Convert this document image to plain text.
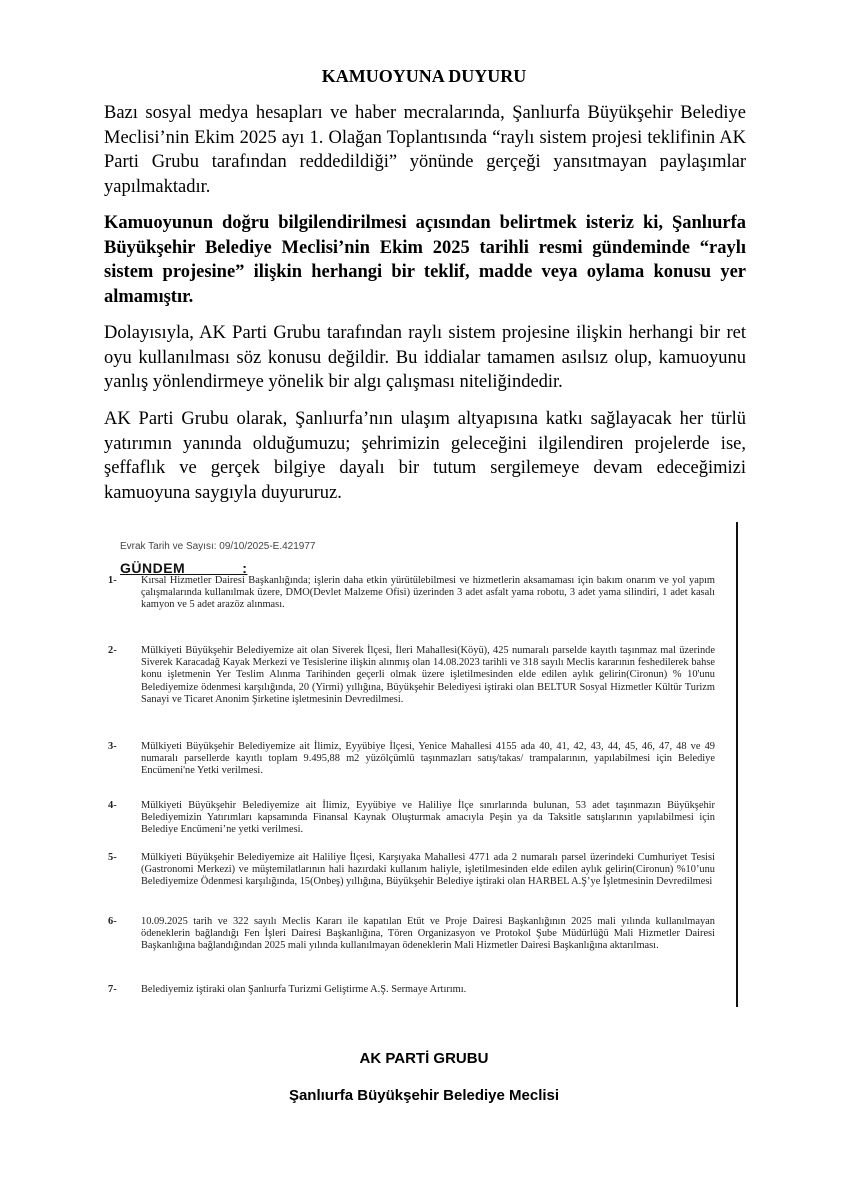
KAMUOYUNA DUYURU

Bazı sosyal medya hesapları ve haber mecralarında, Şanlıurfa Büyükşehir Belediye Meclisi’nin Ekim 2025 ayı 1. Olağan Toplantısında “raylı sistem projesi teklifinin AK Parti Grubu tarafından reddedildiği” yönünde gerçeği yansıtmayan paylaşımlar yapılmaktadır.

Kamuoyunun doğru bilgilendirilmesi açısından belirtmek isteriz ki, Şanlıurfa Büyükşehir Belediye Meclisi’nin Ekim 2025 tarihli resmi gündeminde “raylı sistem projesine” ilişkin herhangi bir teklif, madde veya oylama konusu yer almamıştır.

Dolayısıyla, AK Parti Grubu tarafından raylı sistem projesine ilişkin herhangi bir ret oyu kullanılması söz konusu değildir. Bu iddialar tamamen asılsız olup, kamuoyunu yanlış yönlendirmeye yönelik bir algı çalışması niteliğindedir.

AK Parti Grubu olarak, Şanlıurfa’nın ulaşım altyapısına katkı sağlayacak her türlü yatırımın yanında olduğumuzu; şehrimizin geleceğini ilgilendiren projelerde ise, şeffaflık ve gerçek bilgiye dayalı bir tutum sergilemeye devam edeceğimizi kamuoyuna saygıyla duyururuz.

Evrak Tarih ve Sayısı: 09/10/2025-E.421977
GÜNDEM             :
1- Kırsal Hizmetler Dairesi Başkanlığında; işlerin daha etkin yürütülebilmesi ve hizmetlerin aksamaması için bakım onarım ve yol yapım çalışmalarında kullanılmak üzere, DMO(Devlet Malzeme Ofisi) üzerinden 3 adet asfalt yama robotu, 3 adet yama silindiri, 1 adet kasalı kamyon ve 5 adet arazöz alınması.

2- Mülkiyeti Büyükşehir Belediyemize ait olan Siverek İlçesi, İleri Mahallesi(Köyü), 425 numaralı parselde kayıtlı taşınmaz mal üzerinde Siverek Karacadağ Kayak Merkezi ve Tesislerine ilişkin alınmış olan 14.08.2023 tarihli ve 318 sayılı Meclis kararının feshedilerek bahse konu işletmenin Yer Teslim Alınma Tarihinden geçerli olmak üzere işletilmesinden elde edilen aylık gelirin(Cironun) % 10'unu Belediyemize ödenmesi karşılığında, 20 (Yirmi) yıllığına, Büyükşehir Belediyesi iştiraki olan BELTUR Sosyal Hizmetler Kültür Turizm Sanayi ve Ticaret Anonim Şirketine işletmesinin Devredilmesi.

3- Mülkiyeti Büyükşehir Belediyemize ait İlimiz, Eyyübiye İlçesi, Yenice Mahallesi 4155 ada 40, 41, 42, 43, 44, 45, 46, 47, 48 ve 49 numaralı parsellerde kayıtlı toplam 9.495,88 m2 yüzölçümlü taşınmazları satış/takas/ trampalarının, yapılabilmesi için Belediye Encümeni'ne Yetki verilmesi.

4- Mülkiyeti Büyükşehir Belediyemize ait İlimiz, Eyyübiye ve Haliliye İlçe sınırlarında bulunan, 53 adet taşınmazın Büyükşehir Belediyemizin Yatırımları kapsamında Finansal Kaynak Oluşturmak amacıyla Peşin ya da Taksitle satışlarının yapılabilmesi için Belediye Encümeni’ne yetki verilmesi.

5- Mülkiyeti Büyükşehir Belediyemize ait Haliliye İlçesi, Karşıyaka Mahallesi 4771 ada 2 numaralı parsel üzerindeki Cumhuriyet Tesisi (Gastronomi Merkezi) ve müştemilatlarının hali hazırdaki kullanım haliyle, işletilmesinden elde edilen aylık gelirin(Cironun) %10’unu Belediyemize Ödenmesi karşılığında, 15(Onbeş) yıllığına, Büyükşehir Belediye iştiraki olan HARBEL A.Ş’ye İşletmesinin Devredilmesi

6- 10.09.2025 tarih ve 322 sayılı Meclis Kararı ile kapatılan Etüt ve Proje Dairesi Başkanlığının 2025 mali yılında kullanılmayan ödeneklerin bağlandığı Fen İşleri Dairesi Başkanlığına, Tören Organizasyon ve Protokol Şube Müdürlüğü Mali Hizmetler Dairesi Başkanlığına bağlandığından 2025 mali yılında kullanılmayan ödeneklerin Mali Hizmetler Dairesi Başkanlığına aktarılması.

7- Belediyemiz iştiraki olan Şanlıurfa Turizmi Geliştirme A.Ş. Sermaye Artırımı.

AK PARTİ GRUBU
Şanlıurfa Büyükşehir Belediye Meclisi
